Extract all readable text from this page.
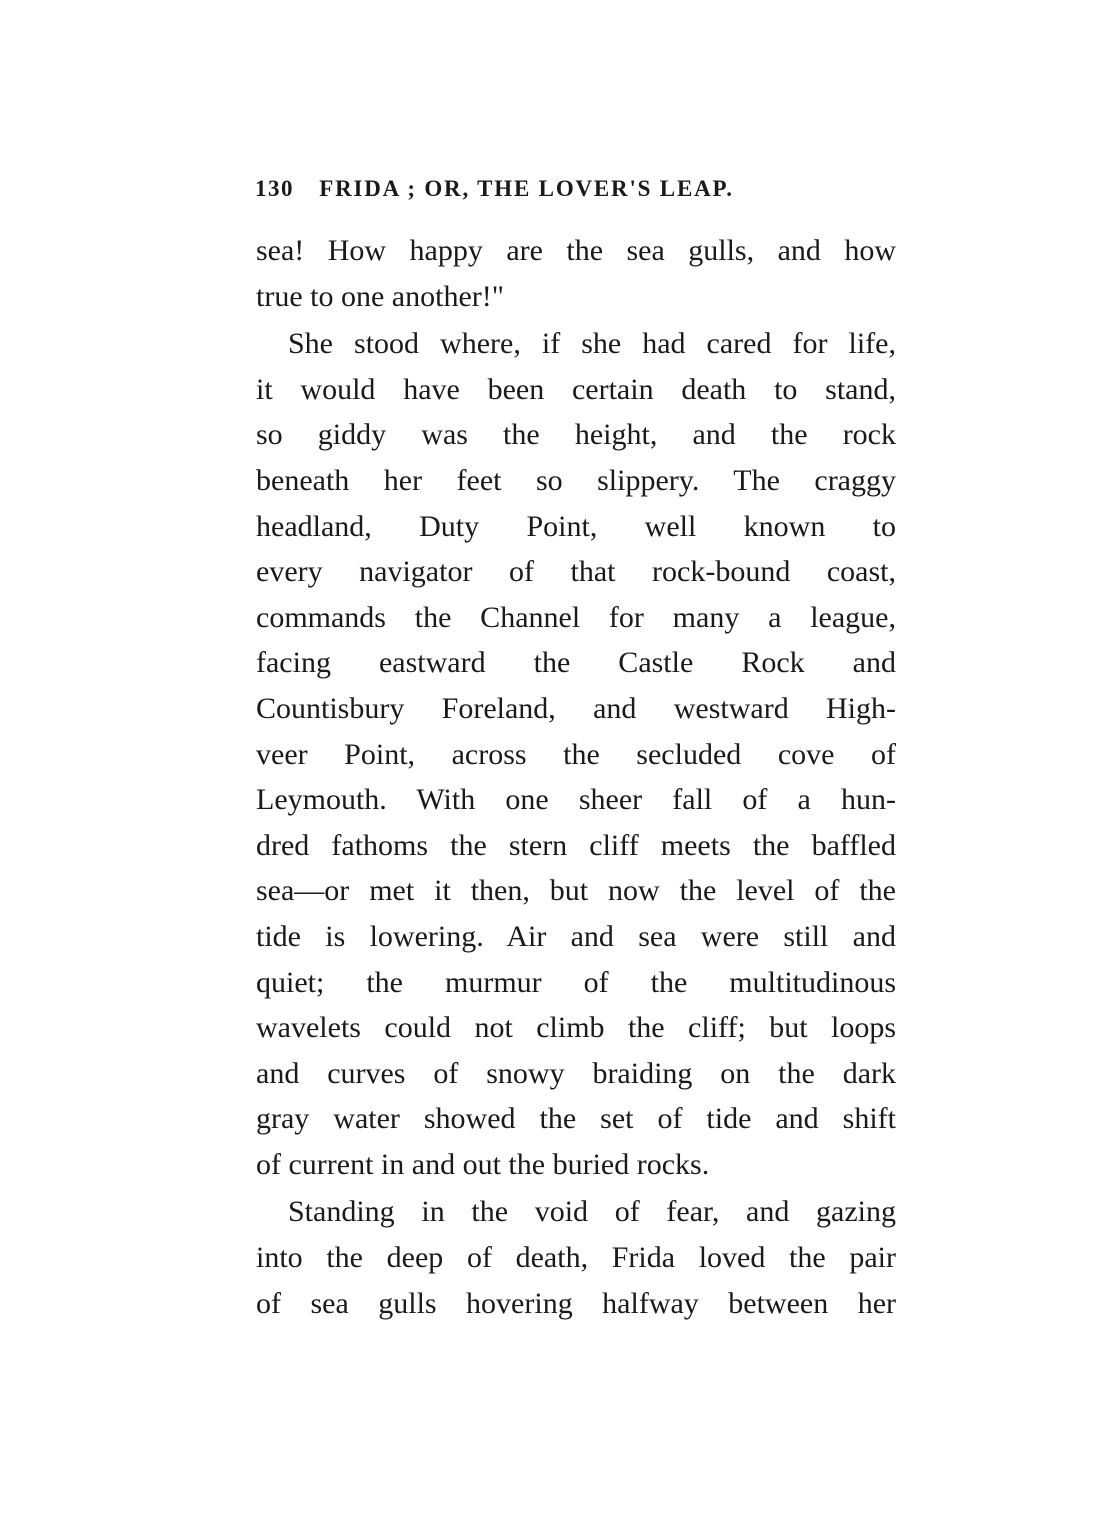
130 FRIDA ; OR, THE LOVER'S LEAP.
sea! How happy are the sea gulls, and how
true to one another!"
She stood where, if she had cared for life,
it would have been certain death to stand,
so giddy was the height, and the rock
beneath her feet so slippery. The craggy
headland, Duty Point, well known to
every navigator of that rock-bound coast,
commands the Channel for many a league,
facing eastward the Castle Rock and
Countisbury Foreland, and westward High-
veer Point, across the secluded cove of
Leymouth. With one sheer fall of a hun-
dred fathoms the stern cliff meets the baffled
sea—or met it then, but now the level of the
tide is lowering. Air and sea were still and
quiet; the murmur of the multitudinous
wavelets could not climb the cliff; but loops
and curves of snowy braiding on the dark
gray water showed the set of tide and shift
of current in and out the buried rocks.
Standing in the void of fear, and gazing
into the deep of death, Frida loved the pair
of sea gulls hovering halfway between her
